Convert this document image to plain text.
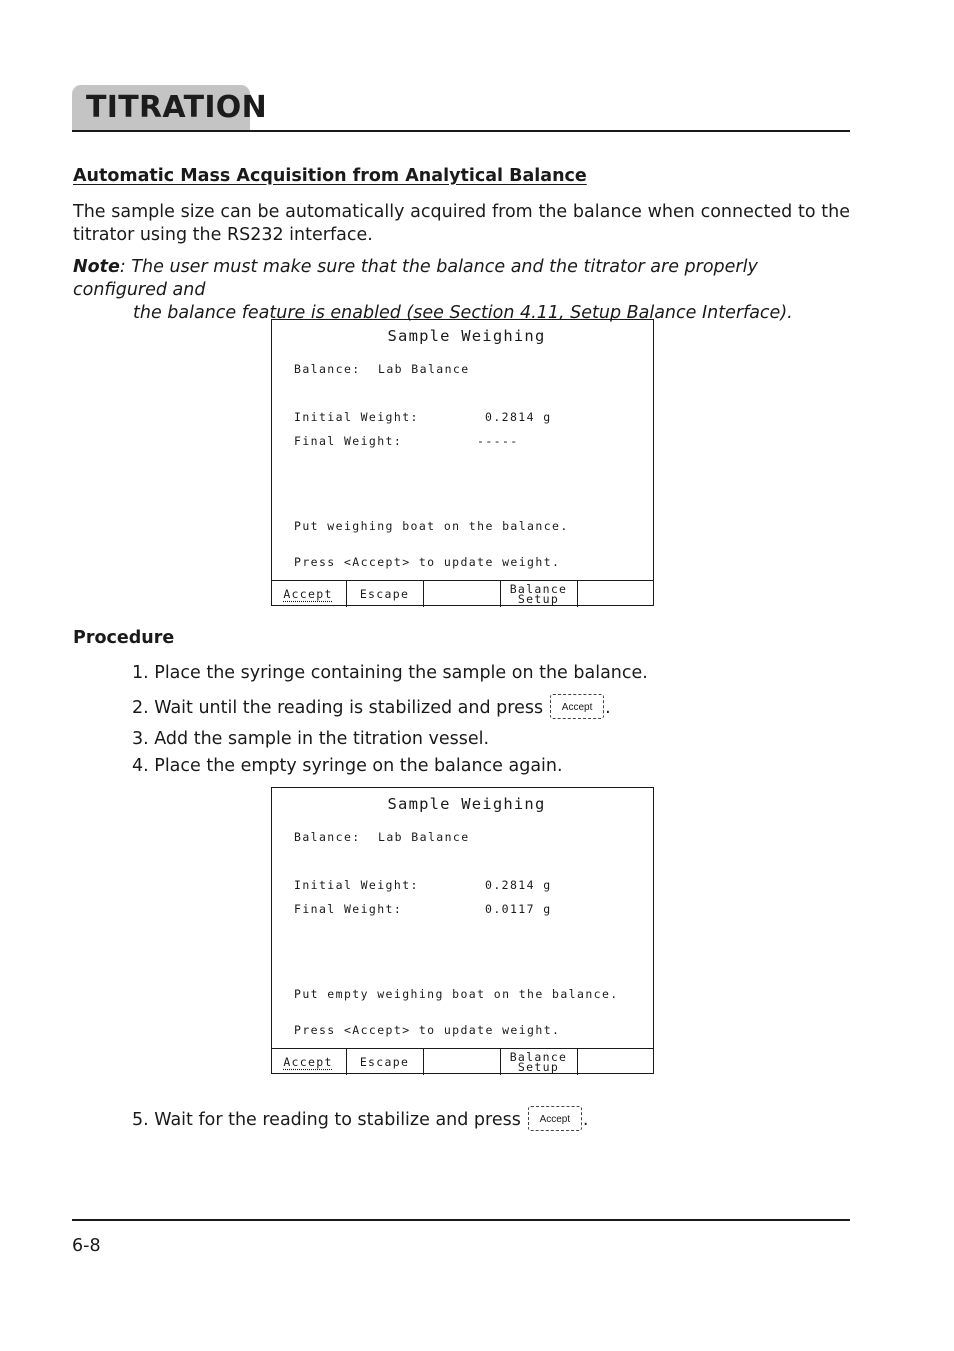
TITRATION
Automatic Mass Acquisition from Analytical Balance
The sample size can be automatically acquired from the balance when connected to the titrator using the RS232 interface.
Note: The user must make sure that the balance and the titrator are properly configured and
the balance feature is enabled (see Section 4.11, Setup Balance Interface).
Sample Weighing
Balance: Lab Balance
Initial Weight:	0.2814 g
Final Weight:	-----
Put weighing boat on the balance.
Press <Accept> to update weight.
Accept Escape	Balance
Setup
Procedure
1. Place the syringe containing the sample on the balance.
2. Wait until the reading is stabilized and press Accept .
3. Add the sample in the titration vessel.
4. Place the empty syringe on the balance again.
Sample Weighing
Balance: Lab Balance
Initial Weight:	0.2814 g
Final Weight:	0.0117 g
Put empty weighing boat on the balance.
Press <Accept> to update weight.
Accept Escape	Balance
Setup
5. Wait for the reading to stabilize and press Accept .
6-8
